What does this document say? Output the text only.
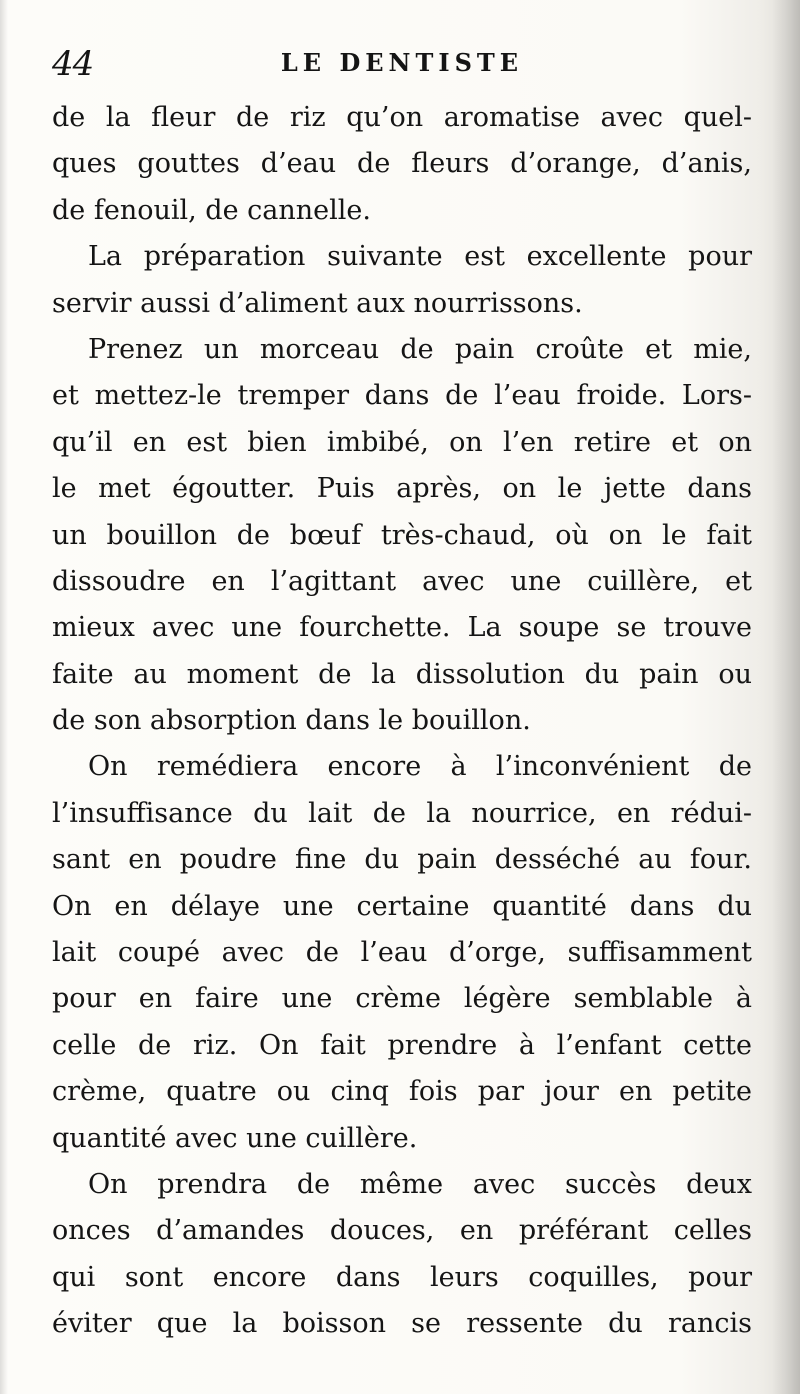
44	LE DENTISTE
de la fleur de riz qu’on aromatise avec quel-
ques gouttes d’eau de fleurs d’orange, d’anis,
de fenouil, de cannelle.
La préparation suivante est excellente pour
servir aussi d’aliment aux nourrissons.
Prenez un morceau de pain croûte et mie,
et mettez-le tremper dans de l’eau froide. Lors-
qu’il en est bien imbibé, on l’en retire et on
le met égoutter. Puis après, on le jette dans
un bouillon de bœuf très-chaud, où on le fait
dissoudre en l’agittant avec une cuillère, et
mieux avec une fourchette. La soupe se trouve
faite au moment de la dissolution du pain ou
de son absorption dans le bouillon.
On remédiera encore à l’inconvénient de
l’insuffisance du lait de la nourrice, en rédui-
sant en poudre fine du pain desséché au four.
On en délaye une certaine quantité dans du
lait coupé avec de l’eau d’orge, suffisamment
pour en faire une crème légère semblable à
celle de riz. On fait prendre à l’enfant cette
crème, quatre ou cinq fois par jour en petite
quantité avec une cuillère.
On prendra de même avec succès deux
onces d’amandes douces, en préférant celles
qui sont encore dans leurs coquilles, pour
éviter que la boisson se ressente du rancis
